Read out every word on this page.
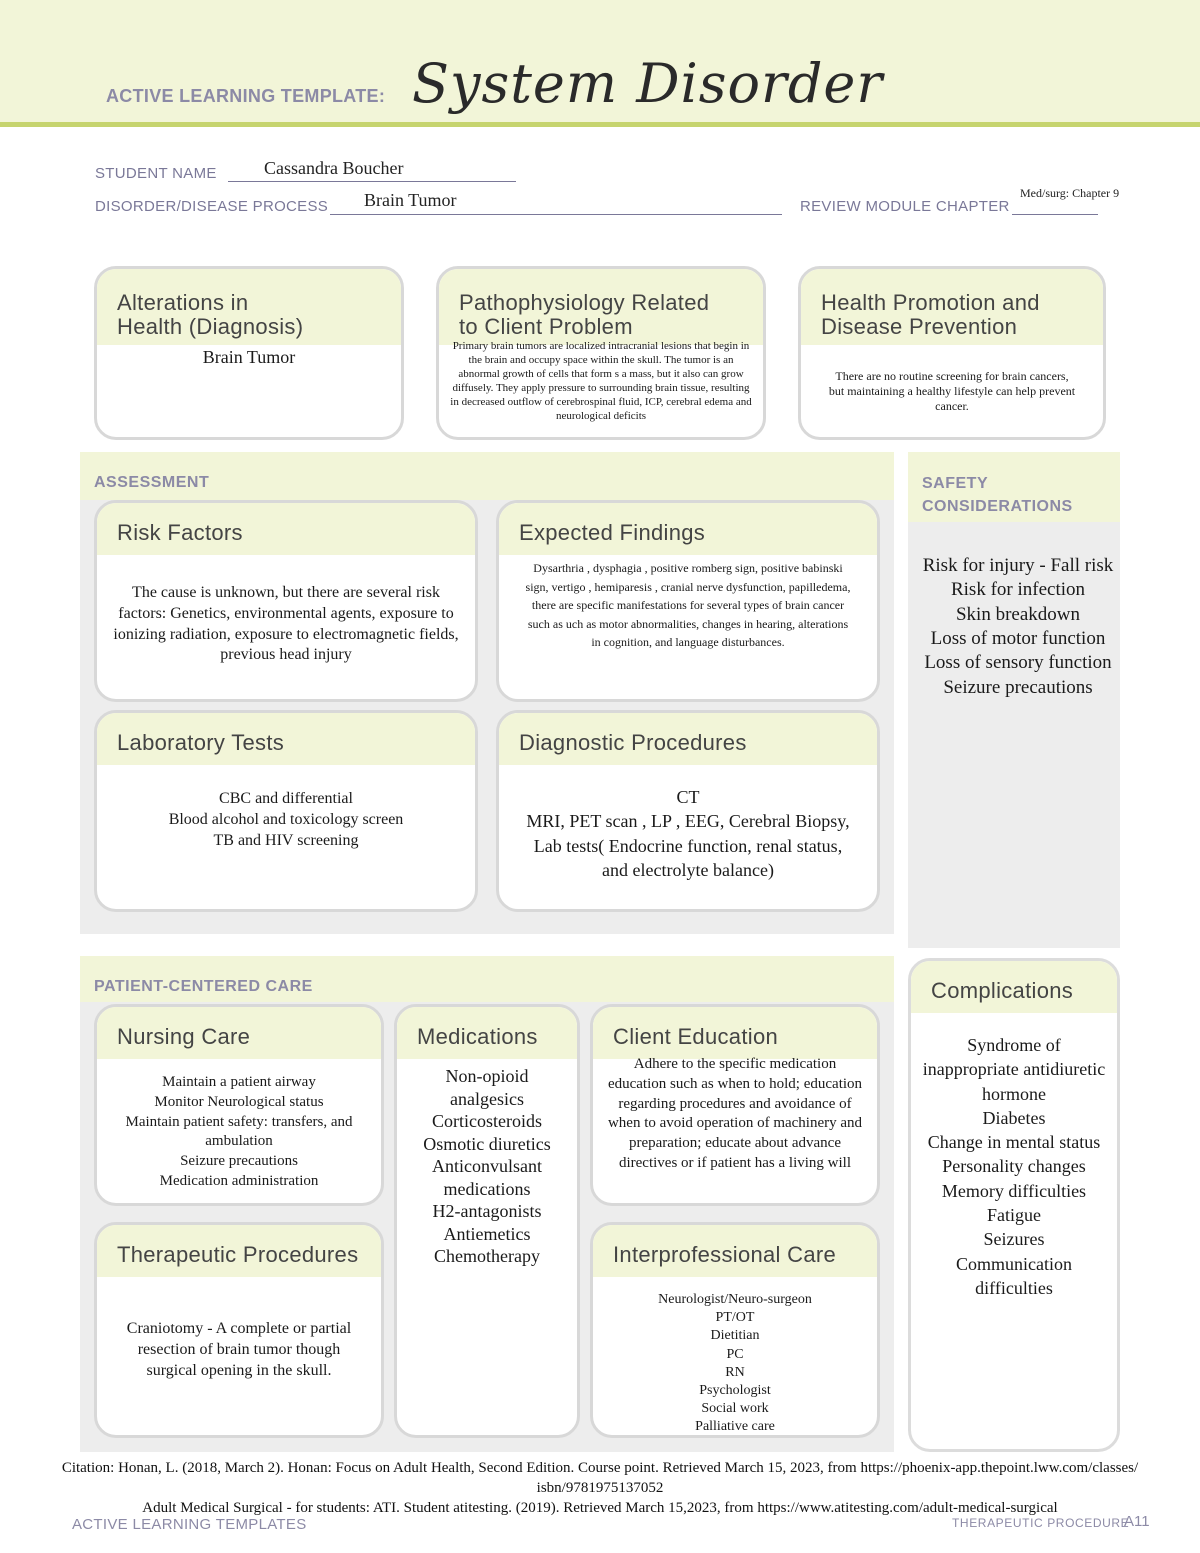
ACTIVE LEARNING TEMPLATE: System Disorder
STUDENT NAME	Cassandra Boucher
DISORDER/DISEASE PROCESS Brain Tumor	REVIEW MODULE CHAPTER
Med/surg: Chapter 9
Alterations in
Health (Diagnosis)
Brain Tumor
Pathophysiology Related
to Client Problem
Primary brain tumors are localized intracranial lesions that begin in the brain and occupy space within the skull. The tumor is an abnormal growth of cells that form s a mass, but it also can grow diffusely. They apply pressure to surrounding brain tissue, resulting in decreased outflow of cerebrospinal fluid, ICP, cerebral edema and neurological deficits
Health Promotion and
Disease Prevention
There are no routine screening for brain cancers, but maintaining a healthy lifestyle can help prevent cancer.
ASSESSMENT
Risk Factors
The cause is unknown, but there are several risk factors: Genetics, environmental agents, exposure to ionizing radiation, exposure to electromagnetic fields, previous head injury
Expected Findings
Dysarthria , dysphagia , positive romberg sign, positive babinski sign, vertigo , hemiparesis , cranial nerve dysfunction, papilledema, there are specific manifestations for several types of brain cancer such as uch as motor abnormalities, changes in hearing, alterations in cognition, and language disturbances.
Laboratory Tests

CBC and differential

Blood alcohol and toxicology screen

TB and HIV screening

Diagnostic Procedures

CT

MRI, PET scan , LP , EEG, Cerebral Biopsy, Lab tests( Endocrine function, renal status, and electrolyte balance)

SAFETY
CONSIDERATIONS

Risk for injury - Fall risk

Risk for infection

Skin breakdown

Loss of motor function

Loss of sensory function

Seizure precautions

PATIENT-CENTERED CARE
Nursing Care

Maintain a patient airway

Monitor Neurological status

Maintain patient safety: transfers, and ambulation

Seizure precautions

Medication administration

Medications

Non-opioid analgesics

Corticosteroids

Osmotic diuretics

Anticonvulsant medications

H2-antagonists

Antiemetics

Chemotherapy

Client Education
Adhere to the specific medication education such as when to hold; education regarding procedures and avoidance of when to avoid operation of machinery and preparation; educate about advance directives or if patient has a living will
Therapeutic Procedures
Craniotomy - A complete or partial resection of brain tumor though surgical opening in the skull.
Interprofessional Care

Neurologist/Neuro-surgeon

PT/OT

Dietitian

PC

RN

Psychologist

Social work

Palliative care

Complications

Syndrome of inappropriate antidiuretic hormone

Diabetes

Change in mental status

Personality changes

Memory difficulties

Fatigue

Seizures

Communication difficulties

Citation: Honan, L. (2018, March 2). Honan: Focus on Adult Health, Second Edition. Course point. Retrieved March 15, 2023, from https://phoenix-app.thepoint.lww.com/classes/
isbn/9781975137052
Adult Medical Surgical - for students: ATI. Student atitesting. (2019). Retrieved March 15,2023, from https://www.atitesting.com/adult-medical-surgical
ACTIVE LEARNING TEMPLATES	THERAPEUTIC PROCEDURE
A11
